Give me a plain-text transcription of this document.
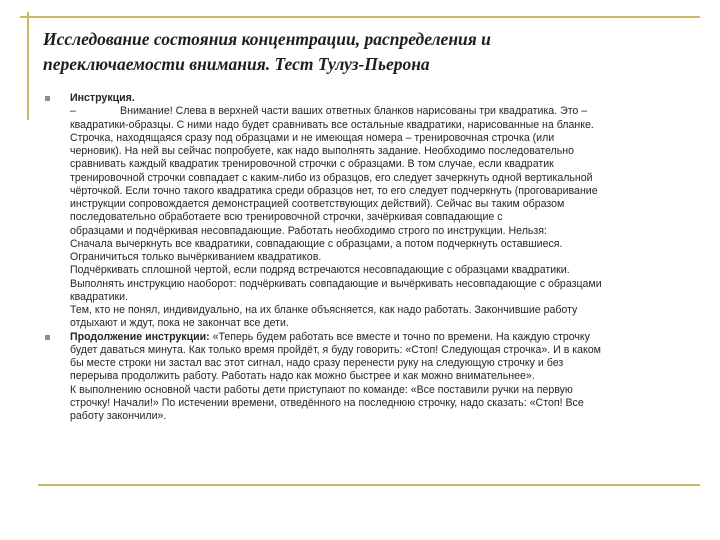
Исследование состояния концентрации, распределения и
переключаемости внимания. Тест Тулуз-Пьерона
Инструкция.
–               Внимание! Слева в верхней части ваших ответных бланков нарисованы три квадратика. Это –
квадратики-образцы. С ними надо будет сравнивать все остальные квадратики, нарисованные на бланке.
Строчка, находящаяся сразу под образцами и не имеющая номера – тренировочная строчка (или
черновик). На ней вы сейчас попробуете, как надо выполнять задание. Необходимо последовательно
сравнивать каждый квадратик тренировочной строчки с образцами. В том случае, если квадратик
тренировочной строчки совпадает с каким-либо из образцов, его следует зачеркнуть одной вертикальной
чёрточкой. Если точно такого квадратика среди образцов нет, то его следует подчеркнуть (проговаривание
инструкции сопровождается демонстрацией соответствующих действий). Сейчас вы таким образом
последовательно обработаете всю тренировочной строчки, зачёркивая совпадающие с
образцами и подчёркивая несовпадающие. Работать необходимо строго по инструкции. Нельзя:
Сначала вычеркнуть все квадратики, совпадающие с образцами, а потом подчеркнуть оставшиеся.
Ограничиться только вычёркиванием квадратиков.
Подчёркивать сплошной чертой, если подряд встречаются несовпадающие с образцами квадратики.
Выполнять инструкцию наоборот: подчёркивать совпадающие и вычёркивать несовпадающие с образцами
квадратики.
Тем, кто не понял, индивидуально, на их бланке объясняется, как надо работать. Закончившие работу
отдыхают и ждут, пока не закончат все дети.
Продолжение инструкции: «Теперь будем работать все вместе и точно по времени. На каждую строчку
будет даваться минута. Как только время пройдёт, я буду говорить: «Стоп! Следующая строчка». И в каком
бы месте строки ни застал вас этот сигнал, надо сразу перенести руку на следующую строчку и без
перерыва продолжить работу. Работать надо как можно быстрее и как можно внимательнее».
К выполнению основной части работы дети приступают по команде: «Все поставили ручки на первую
строчку! Начали!» По истечении времени, отведённого на последнюю строчку, надо сказать: «Стоп! Все
работу закончили».
